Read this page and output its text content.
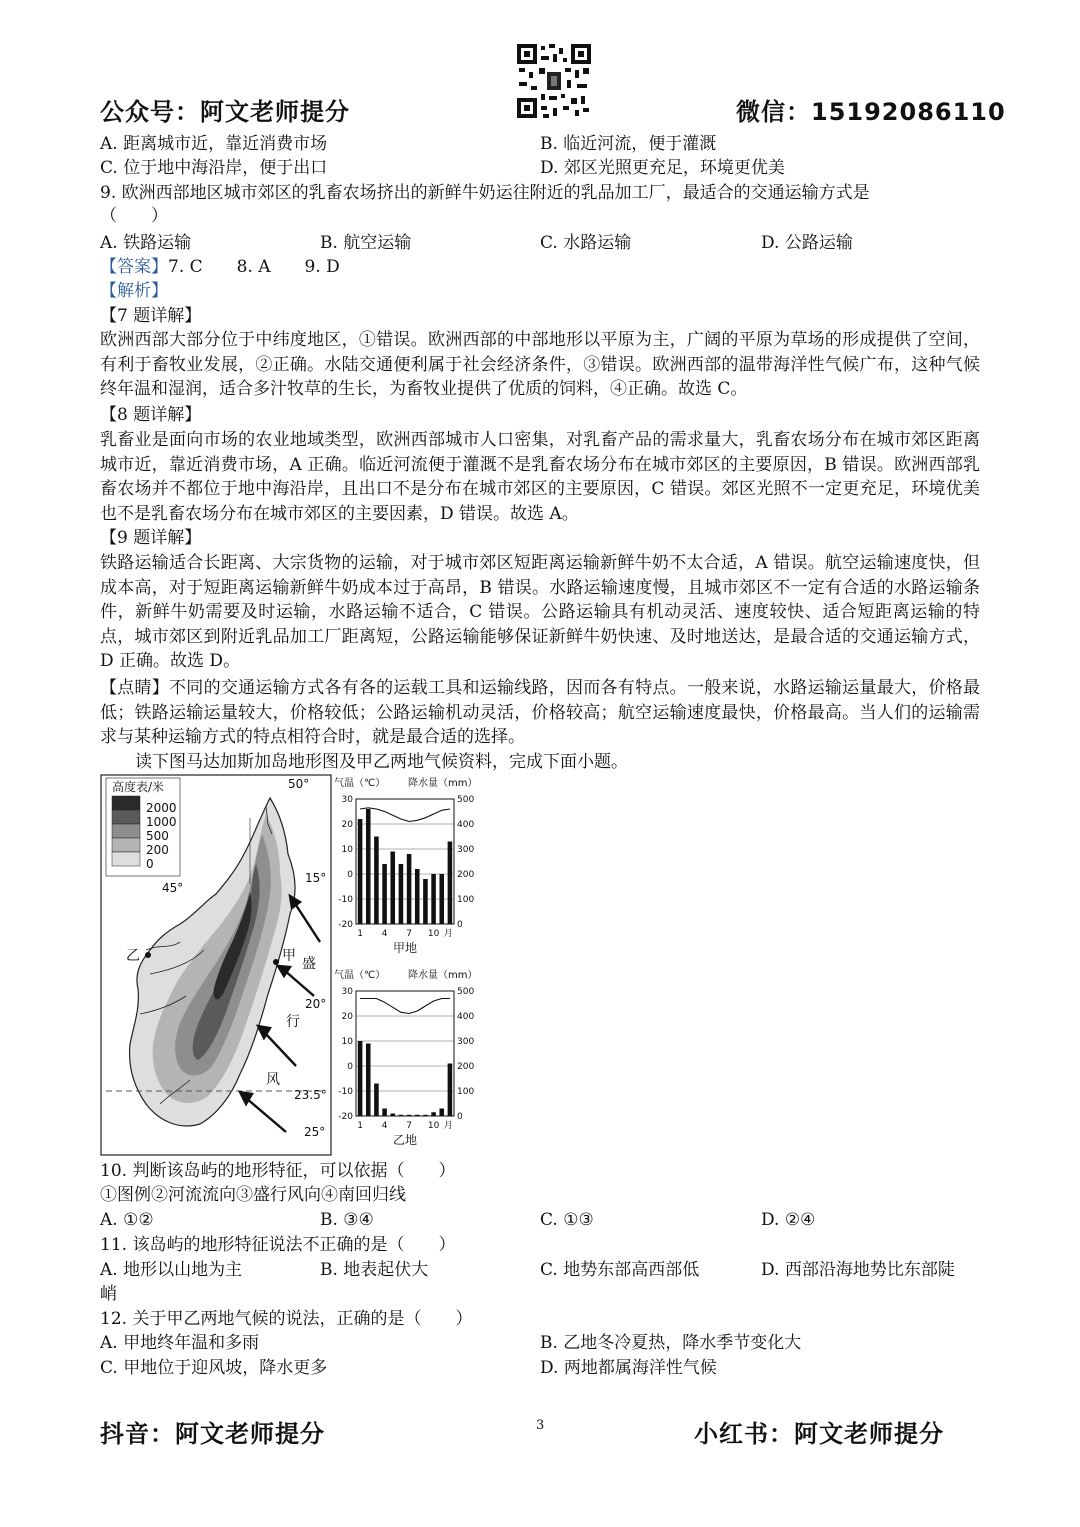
公众号：阿文老师提分	微信：15192086110
A. 距离城市近，靠近消费市场	B. 临近河流，便于灌溉
C. 位于地中海沿岸，便于出口	D. 郊区光照更充足，环境更优美
9. 欧洲西部地区城市郊区的乳畜农场挤出的新鲜牛奶运往附近的乳品加工厂，最适合的交通运输方式是
（　　）
A. 铁路运输	B. 航空运输	C. 水路运输	D. 公路运输
【答案】7. C　　8. A　　9. D
【解析】
【7 题详解】
欧洲西部大部分位于中纬度地区，①错误。欧洲西部的中部地形以平原为主，广阔的平原为草场的形成提供了空间，有利于畜牧业发展，②正确。水陆交通便利属于社会经济条件，③错误。欧洲西部的温带海洋性气候广布，这种气候终年温和湿润，适合多汁牧草的生长，为畜牧业提供了优质的饲料，④正确。故选 C。
【8 题详解】
乳畜业是面向市场的农业地域类型，欧洲西部城市人口密集，对乳畜产品的需求量大，乳畜农场分布在城市郊区距离城市近，靠近消费市场，A 正确。临近河流便于灌溉不是乳畜农场分布在城市郊区的主要原因，B 错误。欧洲西部乳畜农场并不都位于地中海沿岸，且出口不是分布在城市郊区的主要原因，C 错误。郊区光照不一定更充足，环境优美也不是乳畜农场分布在城市郊区的主要因素，D 错误。故选 A。
【9 题详解】
铁路运输适合长距离、大宗货物的运输，对于城市郊区短距离运输新鲜牛奶不太合适，A 错误。航空运输速度快，但成本高，对于短距离运输新鲜牛奶成本过于高昂，B 错误。水路运输速度慢，且城市郊区不一定有合适的水路运输条件，新鲜牛奶需要及时运输，水路运输不适合，C 错误。公路运输具有机动灵活、速度较快、适合短距离运输的特点，城市郊区到附近乳品加工厂距离短，公路运输能够保证新鲜牛奶快速、及时地送达，是最合适的交通运输方式，D 正确。故选 D。
【点睛】不同的交通运输方式各有各的运载工具和运输线路，因而各有特点。一般来说，水路运输运量最大，价格最低；铁路运输运量较大，价格较低；公路运输机动灵活，价格较高；航空运输速度最快，价格最高。当人们的运输需求与某种运输方式的特点相符合时，就是最合适的选择。
读下图马达加斯加岛地形图及甲乙两地气候资料，完成下面小题。
高度表/米
2000
1000
500
200
0
50°
45°
15°
20°
23.5°
25°
乙	甲 盛
行
风
气温（℃） 降水量（mm）
30
20
10
0
-10
-20
500
400
300
200
100
0
1 4 7 10 月
甲地
气温（℃） 降水量（mm）
30
20
10
0
-10
-20
500
400
300
200
100
0
1 4 7 10 月
乙地
10. 判断该岛屿的地形特征，可以依据（　　）
①图例②河流流向③盛行风向④南回归线
A. ①②	B. ③④	C. ①③	D. ②④
11. 该岛屿的地形特征说法不正确的是（　　）
A. 地形以山地为主	B. 地表起伏大	C. 地势东部高西部低	D. 西部沿海地势比东部陡
峭
12. 关于甲乙两地气候的说法，正确的是（　　）
A. 甲地终年温和多雨	B. 乙地冬冷夏热，降水季节变化大
C. 甲地位于迎风坡，降水更多	D. 两地都属海洋性气候
抖音：阿文老师提分	3	小红书：阿文老师提分
